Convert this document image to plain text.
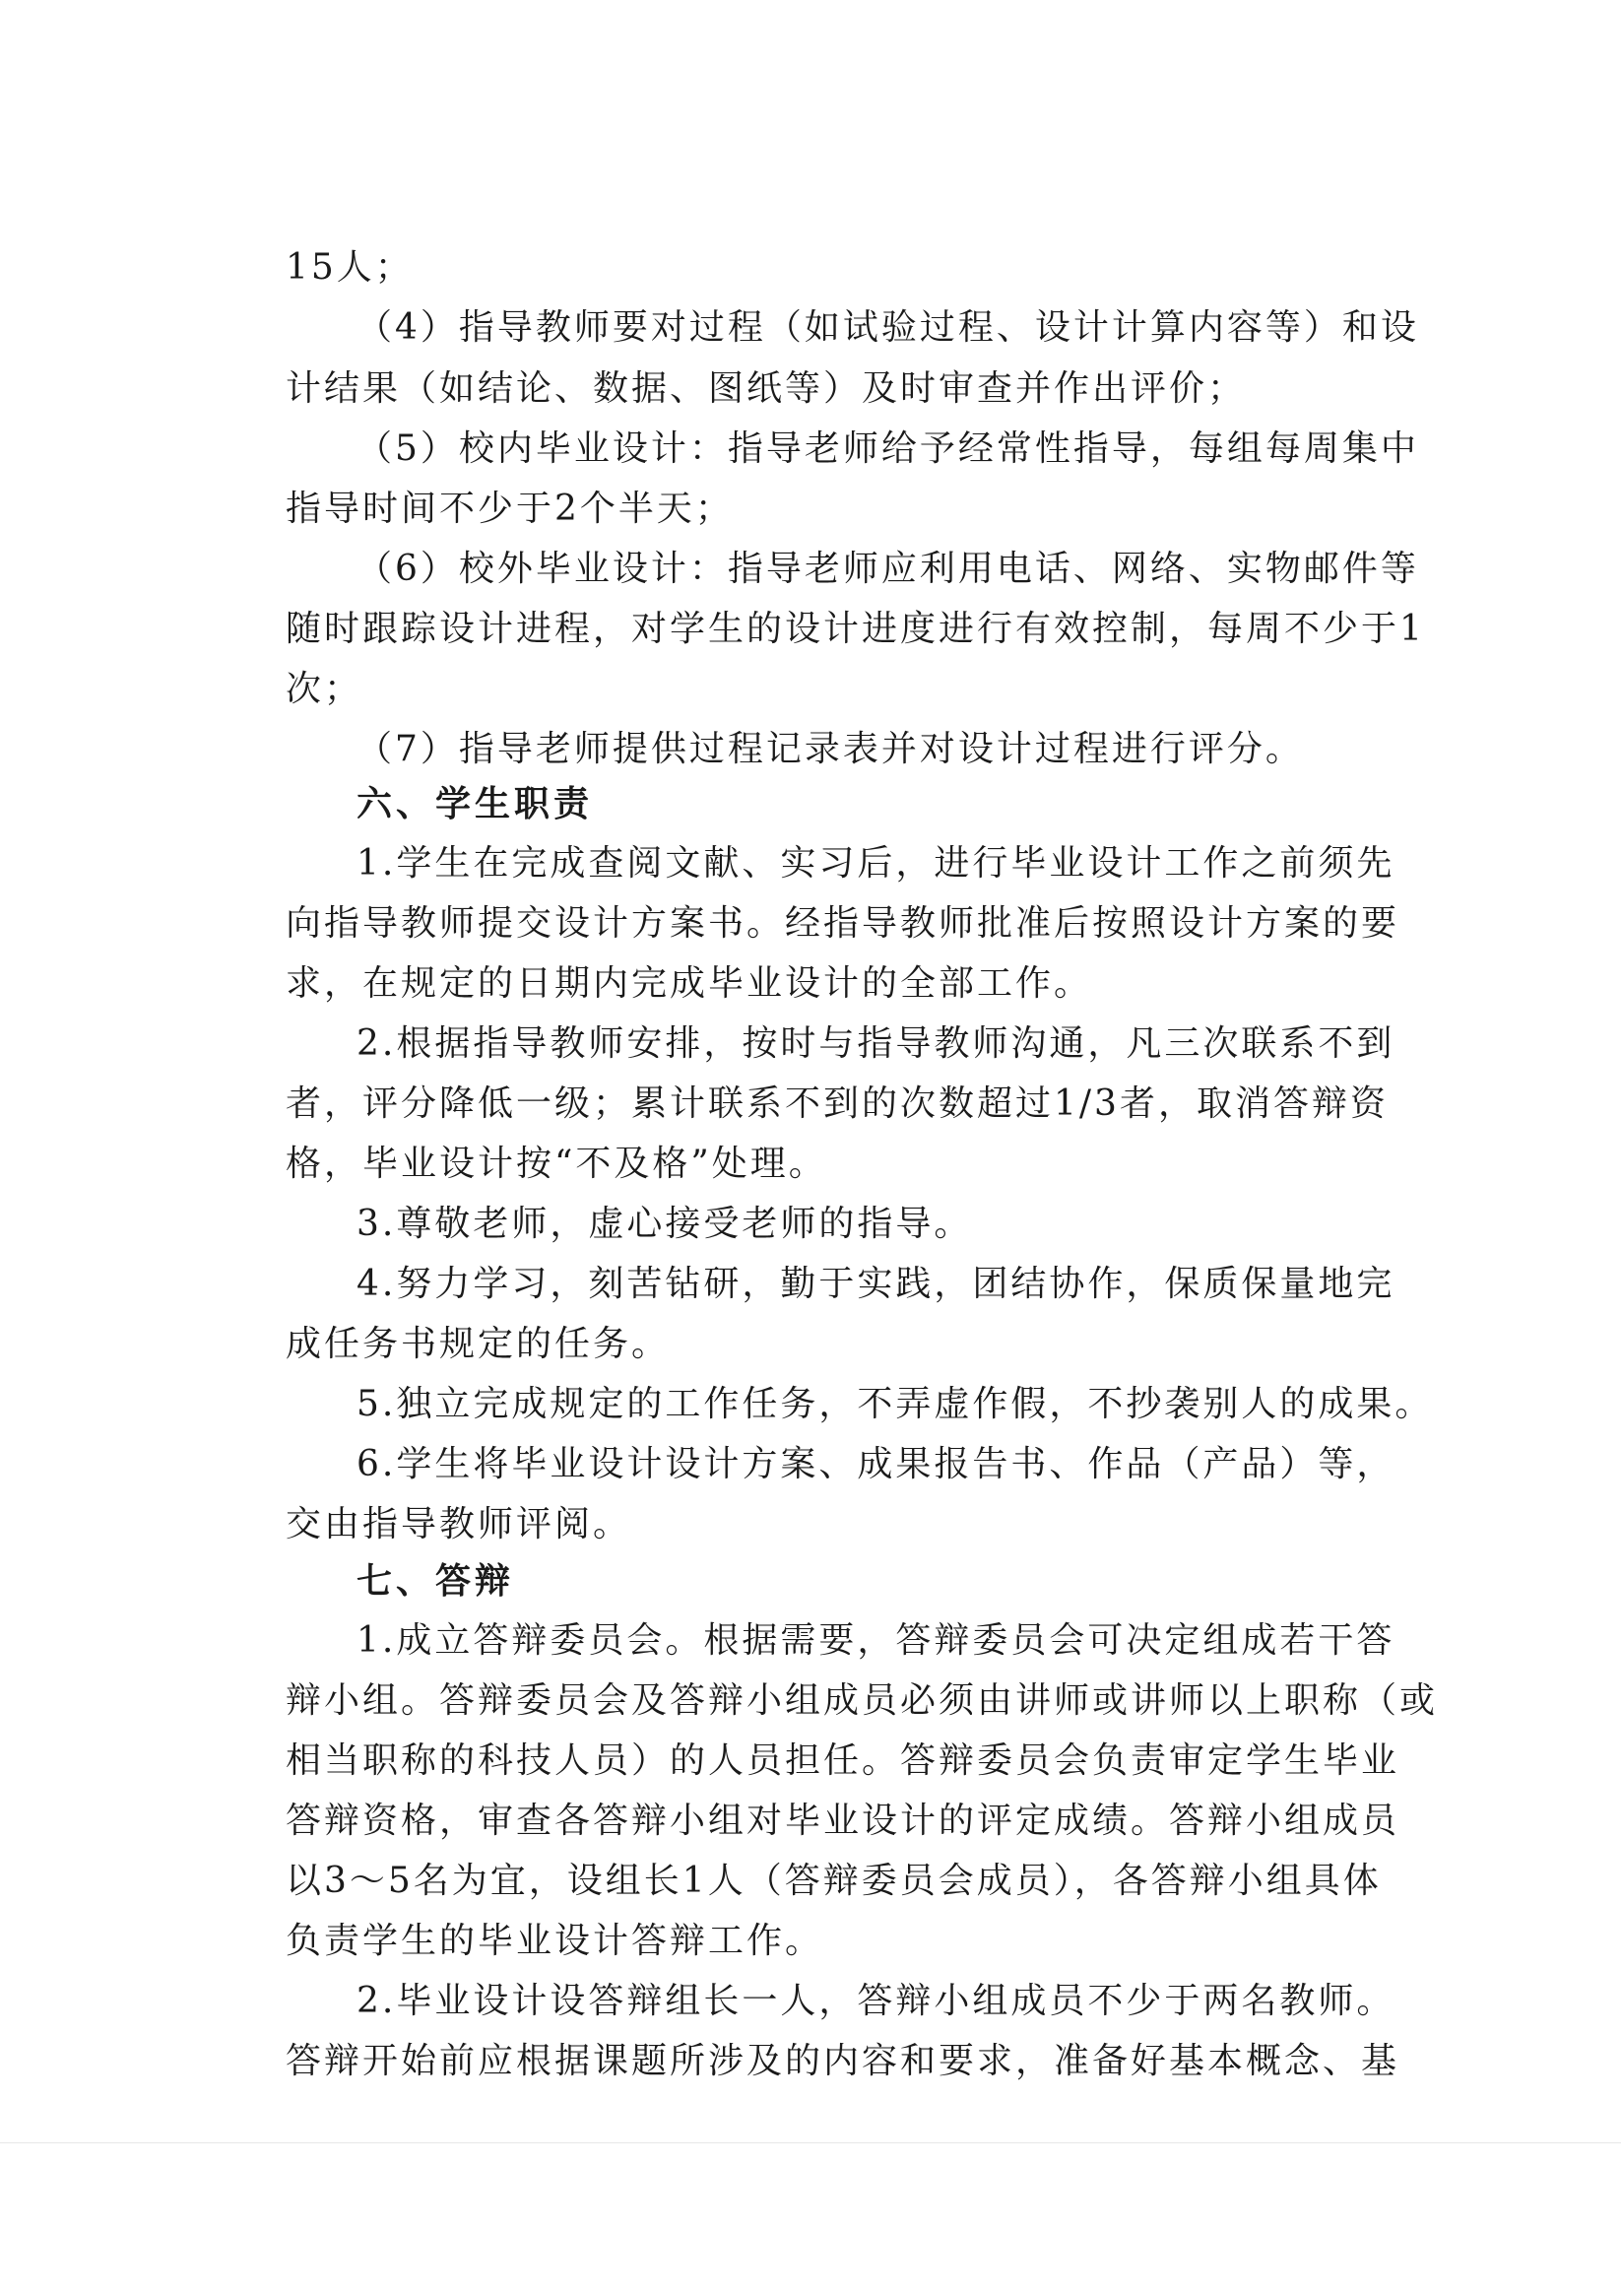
15人；
（4）指导教师要对过程（如试验过程、设计计算内容等）和设
计结果（如结论、数据、图纸等）及时审查并作出评价；
（5）校内毕业设计：指导老师给予经常性指导，每组每周集中
指导时间不少于2个半天；
（6）校外毕业设计：指导老师应利用电话、网络、实物邮件等
随时跟踪设计进程，对学生的设计进度进行有效控制，每周不少于1
次；
（7）指导老师提供过程记录表并对设计过程进行评分。
六、学生职责
1.学生在完成查阅文献、实习后，进行毕业设计工作之前须先
向指导教师提交设计方案书。经指导教师批准后按照设计方案的要
求，在规定的日期内完成毕业设计的全部工作。
2.根据指导教师安排，按时与指导教师沟通，凡三次联系不到
者，评分降低一级；累计联系不到的次数超过1/3者，取消答辩资
格，毕业设计按“不及格”处理。
3.尊敬老师，虚心接受老师的指导。
4.努力学习，刻苦钻研，勤于实践，团结协作，保质保量地完
成任务书规定的任务。
5.独立完成规定的工作任务，不弄虚作假，不抄袭别人的成果。
6.学生将毕业设计设计方案、成果报告书、作品（产品）等，
交由指导教师评阅。
七、答辩
1.成立答辩委员会。根据需要，答辩委员会可决定组成若干答
辩小组。答辩委员会及答辩小组成员必须由讲师或讲师以上职称（或
相当职称的科技人员）的人员担任。答辩委员会负责审定学生毕业
答辩资格，审查各答辩小组对毕业设计的评定成绩。答辩小组成员
以3～5名为宜，设组长1人（答辩委员会成员），各答辩小组具体
负责学生的毕业设计答辩工作。
2.毕业设计设答辩组长一人，答辩小组成员不少于两名教师。
答辩开始前应根据课题所涉及的内容和要求，准备好基本概念、基
